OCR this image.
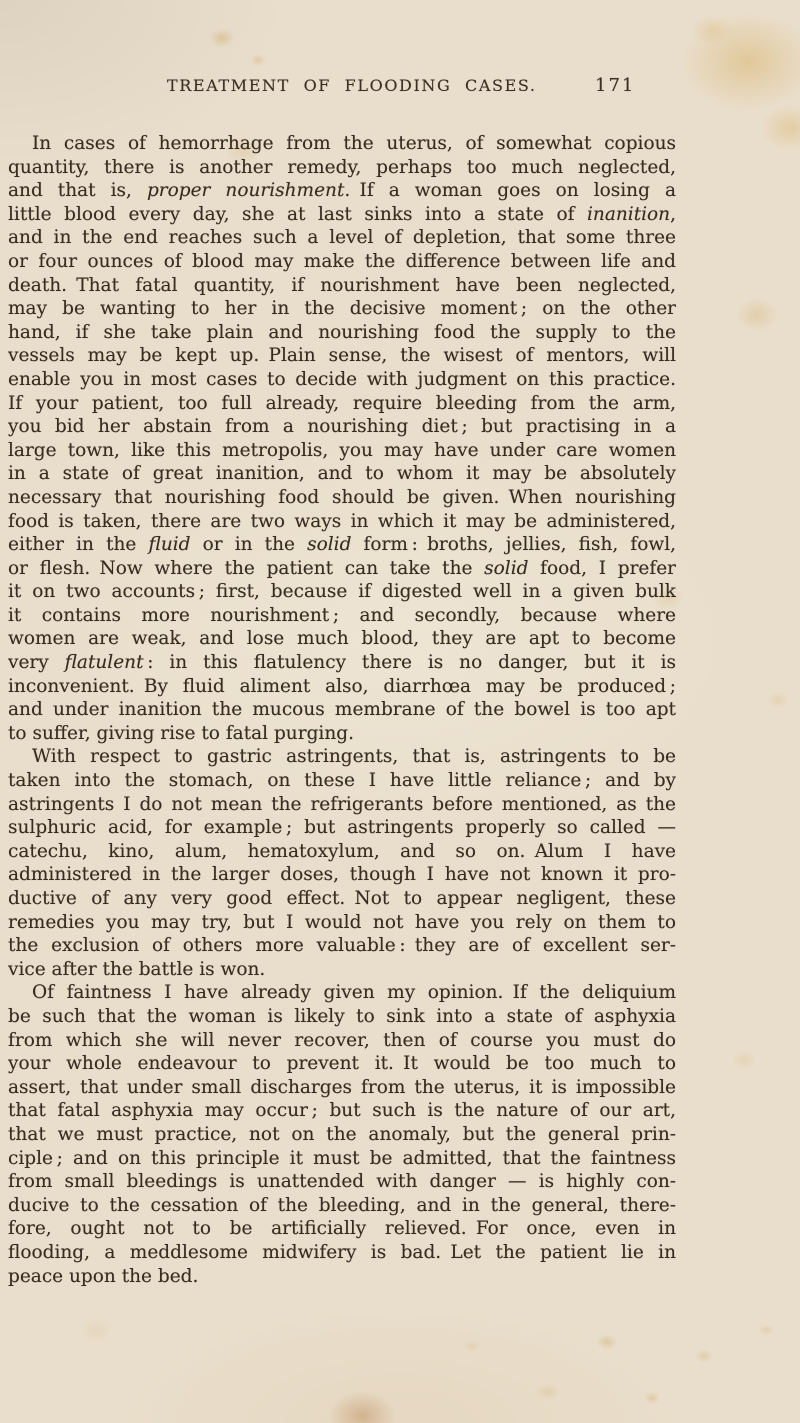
TREATMENT OF FLOODING CASES.	171
In cases of hemorrhage from the uterus, of somewhat copious
quantity, there is another remedy, perhaps too much neglected,
and that is, proper nourishment. If a woman goes on losing a
little blood every day, she at last sinks into a state of inanition,
and in the end reaches such a level of depletion, that some three
or four ounces of blood may make the difference between life and
death. That fatal quantity, if nourishment have been neglected,
may be wanting to her in the decisive moment ; on the other
hand, if she take plain and nourishing food the supply to the
vessels may be kept up. Plain sense, the wisest of mentors, will
enable you in most cases to decide with judgment on this practice.
If your patient, too full already, require bleeding from the arm,
you bid her abstain from a nourishing diet ; but practising in a
large town, like this metropolis, you may have under care women
in a state of great inanition, and to whom it may be absolutely
necessary that nourishing food should be given. When nourishing
food is taken, there are two ways in which it may be administered,
either in the fluid or in the solid form : broths, jellies, fish, fowl,
or flesh. Now where the patient can take the solid food, I prefer
it on two accounts ; first, because if digested well in a given bulk
it contains more nourishment ; and secondly, because where
women are weak, and lose much blood, they are apt to become
very flatulent : in this flatulency there is no danger, but it is
inconvenient. By fluid aliment also, diarrhœa may be produced ;
and under inanition the mucous membrane of the bowel is too apt
to suffer, giving rise to fatal purging.
With respect to gastric astringents, that is, astringents to be
taken into the stomach, on these I have little reliance ; and by
astringents I do not mean the refrigerants before mentioned, as the
sulphuric acid, for example ; but astringents properly so called —
catechu, kino, alum, hematoxylum, and so on. Alum I have
administered in the larger doses, though I have not known it pro-
ductive of any very good effect. Not to appear negligent, these
remedies you may try, but I would not have you rely on them to
the exclusion of others more valuable : they are of excellent ser-
vice after the battle is won.
Of faintness I have already given my opinion. If the deliquium
be such that the woman is likely to sink into a state of asphyxia
from which she will never recover, then of course you must do
your whole endeavour to prevent it. It would be too much to
assert, that under small discharges from the uterus, it is impossible
that fatal asphyxia may occur ; but such is the nature of our art,
that we must practice, not on the anomaly, but the general prin-
ciple ; and on this principle it must be admitted, that the faintness
from small bleedings is unattended with danger — is highly con-
ducive to the cessation of the bleeding, and in the general, there-
fore, ought not to be artificially relieved. For once, even in
flooding, a meddlesome midwifery is bad. Let the patient lie in
peace upon the bed.
